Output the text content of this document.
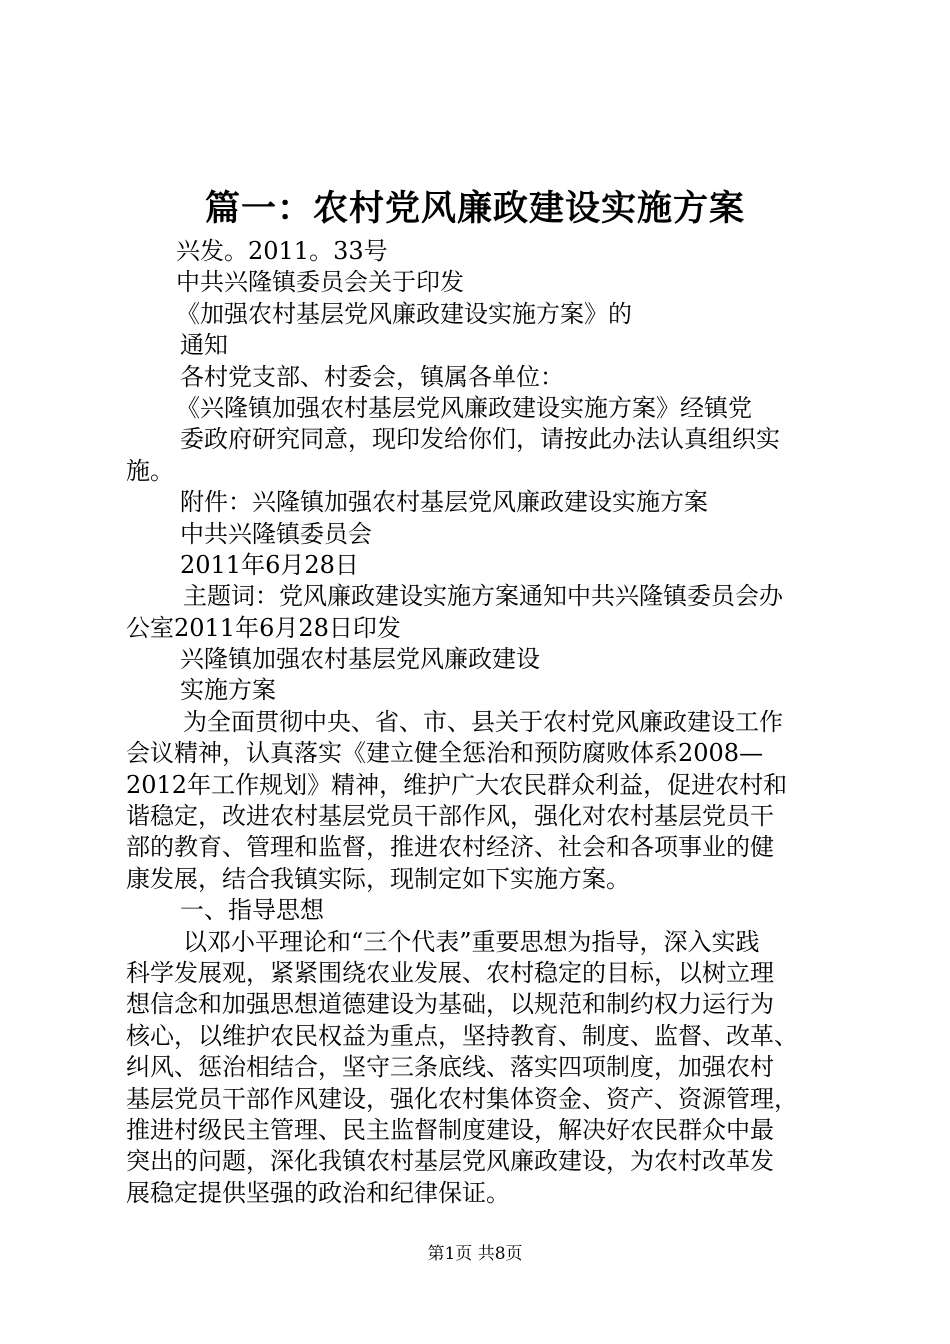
篇一：农村党风廉政建设实施方案

兴发。2011。33号

中共兴隆镇委员会关于印发

《加强农村基层党风廉政建设实施方案》的

通知

各村党支部、村委会，镇属各单位：

《兴隆镇加强农村基层党风廉政建设实施方案》经镇党

委政府研究同意，现印发给你们，请按此办法认真组织实

施。

附件：兴隆镇加强农村基层党风廉政建设实施方案

中共兴隆镇委员会

2011年6月28日

主题词：党风廉政建设实施方案通知中共兴隆镇委员会办

公室2011年6月28日印发

兴隆镇加强农村基层党风廉政建设

实施方案

为全面贯彻中央、省、市、县关于农村党风廉政建设工作

会议精神，认真落实《建立健全惩治和预防腐败体系2008—

2012年工作规划》精神，维护广大农民群众利益，促进农村和

谐稳定，改进农村基层党员干部作风，强化对农村基层党员干

部的教育、管理和监督，推进农村经济、社会和各项事业的健

康发展，结合我镇实际，现制定如下实施方案。

一、指导思想

以邓小平理论和“三个代表”重要思想为指导，深入实践

科学发展观，紧紧围绕农业发展、农村稳定的目标，以树立理

想信念和加强思想道德建设为基础，以规范和制约权力运行为

核心，以维护农民权益为重点，坚持教育、制度、监督、改革、

纠风、惩治相结合，坚守三条底线、落实四项制度，加强农村

基层党员干部作风建设，强化农村集体资金、资产、资源管理，

推进村级民主管理、民主监督制度建设，解决好农民群众中最

突出的问题，深化我镇农村基层党风廉政建设，为农村改革发

展稳定提供坚强的政治和纪律保证。

第1页 共8页
